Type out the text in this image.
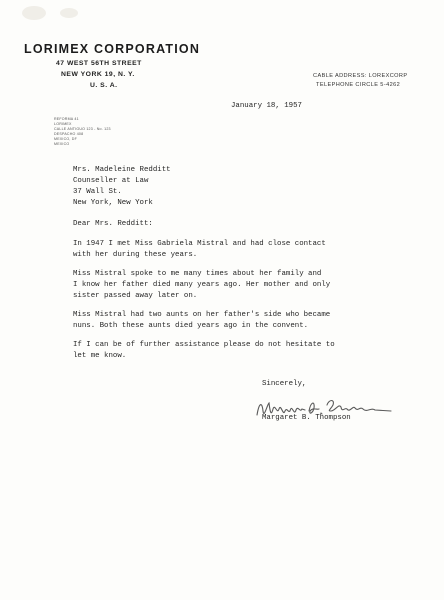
LORIMEX CORPORATION
47 WEST 56TH STREET
NEW YORK 19, N. Y.
U. S. A.
CABLE ADDRESS: LOREXCORP
TELEPHONE CIRCLE 5-4262
REFORMA 41
LORIMEX
CALLE ANTIGUO 123 - No. 123
DESPACHO 408
MEXICO, DF
MEXICO
January 18, 1957
Mrs. Madeleine Redditt
Counseller at Law
37 Wall St.
New York, New York
Dear Mrs. Redditt:
In 1947 I met Miss Gabriela Mistral and had close contact
with her during these years.
Miss Mistral spoke to me many times about her family and
I know her father died many years ago. Her mother and only
sister passed away later on.
Miss Mistral had two aunts on her father's side who became
nuns. Both these aunts died years ago in the convent.
If I can be of further assistance please do not hesitate to
let me know.
Sincerely,
Margaret B. Thompson
